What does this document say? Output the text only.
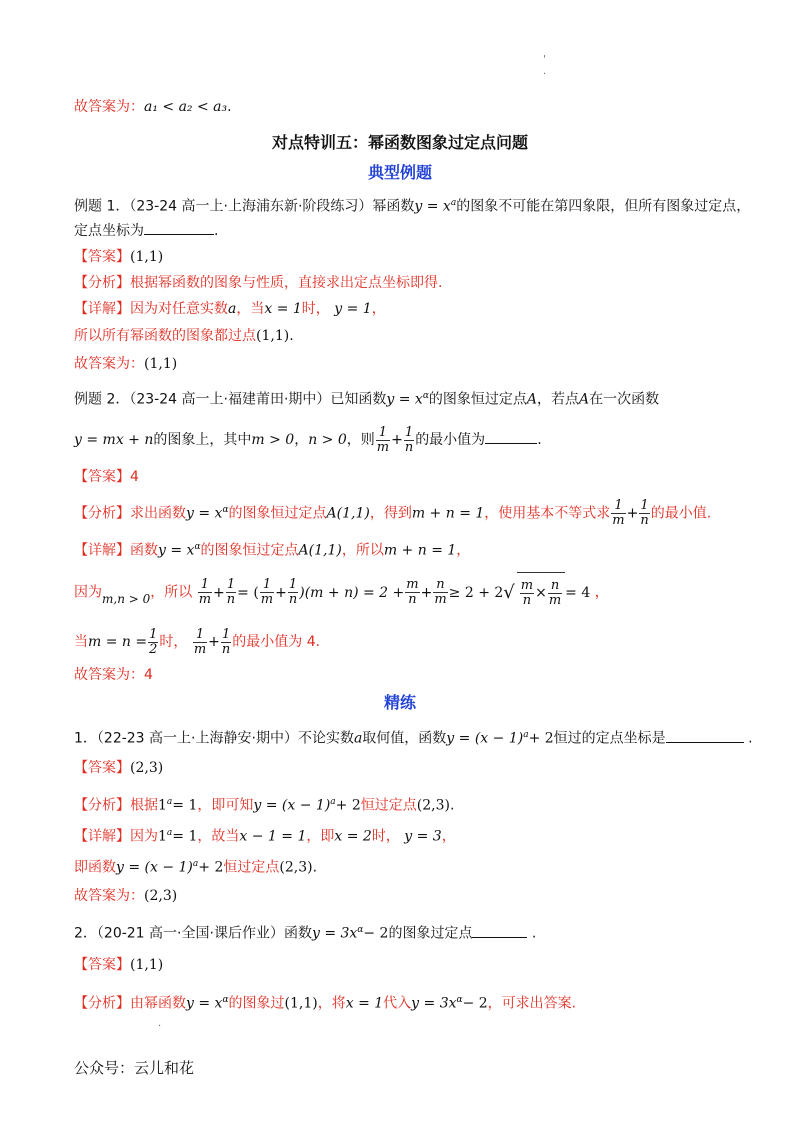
'
.
故答案为：a₁ < a₂ < a₃.
对点特训五：幂函数图象过定点问题
典型例题
例题 1．（23-24 高一上·上海浦东新·阶段练习）幂函数$y = x^a$的图象不可能在第四象限，但所有图象过定点，
定点坐标为	.
【答案】(1,1)
【分析】根据幂函数的图象与性质，直接求出定点坐标即得.
【详解】因为对任意实数a，当x = 1时， y = 1，
所以所有幂函数的图象都过点(1,1).
故答案为：(1,1)
例题 2．（23-24 高一上·福建莆田·期中）已知函数$y = x^\alpha$的图象恒过定点A，若点A在一次函数
y = mx + n的图象上，其中m > 0，n > 0，则 $\frac{1}{m} + \frac{1}{n}$ 的最小值为	.
【答案】4
【分析】求出函数$y = x^\alpha$的图象恒过定点A(1,1)，得到m + n = 1，使用基本不等式求 $\frac{1}{m} + \frac{1}{n}$ 的最小值.
【详解】函数$y = x^\alpha$的图象恒过定点A(1,1)，所以m + n = 1，
因为m,n > 0，所以 $\frac{1}{m} + \frac{1}{n}$ = ( $\frac{1}{m} + \frac{1}{n} )(m + n) = 2 + \frac{m}{n} + \frac{n}{m} \ge 2 + 2√ \frac{m}{n} \times \frac{n}{m} = 4$ ，
当$m = n = \frac{1}{2}$ 时， $\frac{1}{m} + \frac{1}{n}$ 的最小值为 4.
故答案为：4
精练
1．（22-23 高一上·上海静安·期中）不论实数a取何值，函数$y = (x - 1)^a+ 2$恒过的定点坐标是	.
【答案】(2,3)
【分析】根据$1^a= 1$，即可知$y = (x - 1)^a+ 2$恒过定点(2,3).
【详解】因为$1^a= 1$，故当x − 1 = 1，即x = 2时， y = 3，
即函数$y = (x - 1)^a+ 2$恒过定点(2,3).
故答案为：(2,3)
2．（20-21 高一·全国·课后作业）函数$y = 3x^\alpha- 2$的图象过定点	.
【答案】(1,1)
【分析】由幂函数$y = x^\alpha$的图象过(1,1)，将x = 1代入$y = 3x^\alpha- 2$，可求出答案.
.
公众号：云儿和花
